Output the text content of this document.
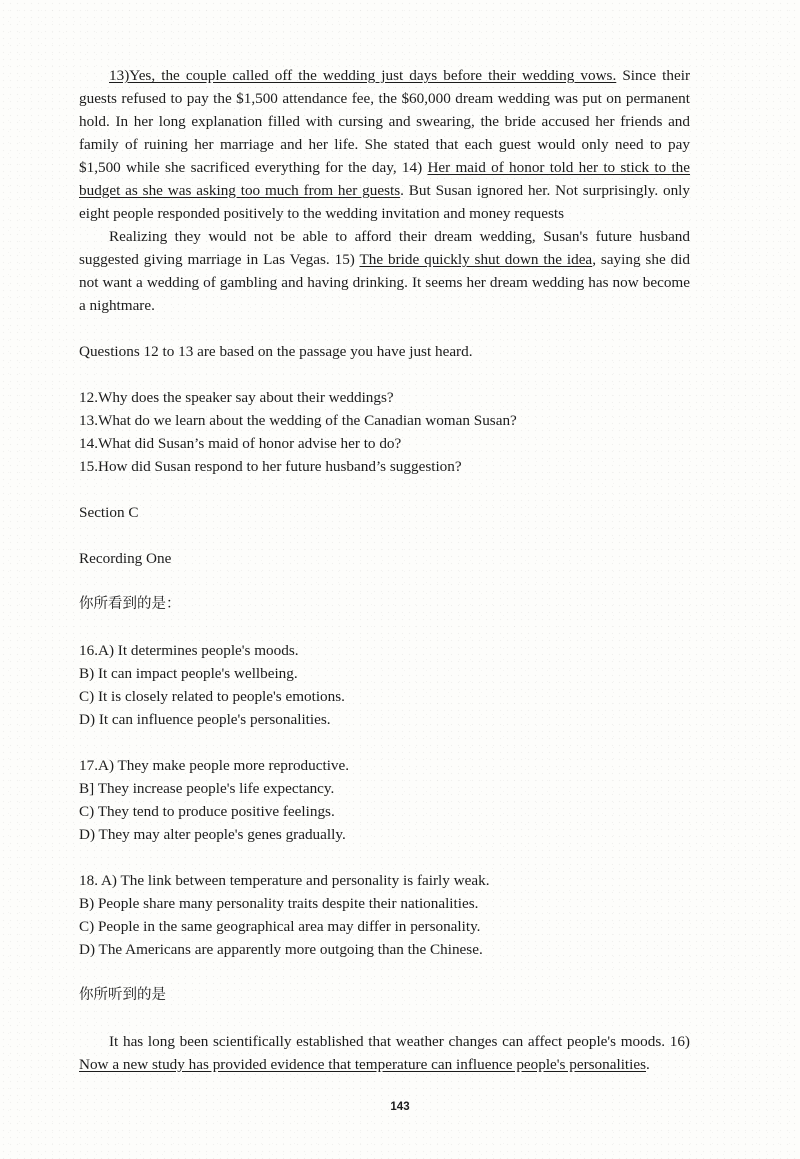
13)Yes, the couple called off the wedding just days before their wedding vows. Since their guests refused to pay the $1,500 attendance fee, the $60,000 dream wedding was put on permanent hold. In her long explanation filled with cursing and swearing, the bride accused her friends and family of ruining her marriage and her life. She stated that each guest would only need to pay $1,500 while she sacrificed everything for the day, 14) Her maid of honor told her to stick to the budget as she was asking too much from her guests. But Susan ignored her. Not surprisingly. only eight people responded positively to the wedding invitation and money requests

Realizing they would not be able to afford their dream wedding, Susan's future husband suggested giving marriage in Las Vegas. 15) The bride quickly shut down the idea, saying she did not want a wedding of gambling and having drinking. It seems her dream wedding has now become a nightmare.

Questions 12 to 13 are based on the passage you have just heard.

12.Why does the speaker say about their weddings?

13.What do we learn about the wedding of the Canadian woman Susan?

14.What did Susan’s maid of honor advise her to do?

15.How did Susan respond to her future husband’s suggestion?

Section C

Recording One

你所看到的是：

16.A) It determines people's moods.

B) It can impact people's wellbeing.

C) It is closely related to people's emotions.

D) It can influence people's personalities.

17.A) They make people more reproductive.

B] They increase people's life expectancy.

C) They tend to produce positive feelings.

D) They may alter people's genes gradually.

18. A) The link between temperature and personality is fairly weak.

B) People share many personality traits despite their nationalities.

C) People in the same geographical area may differ in personality.

D) The Americans are apparently more outgoing than the Chinese.

你所听到的是

It has long been scientifically established that weather changes can affect people's moods. 16) Now a new study has provided evidence that temperature can influence people's personalities.

143
